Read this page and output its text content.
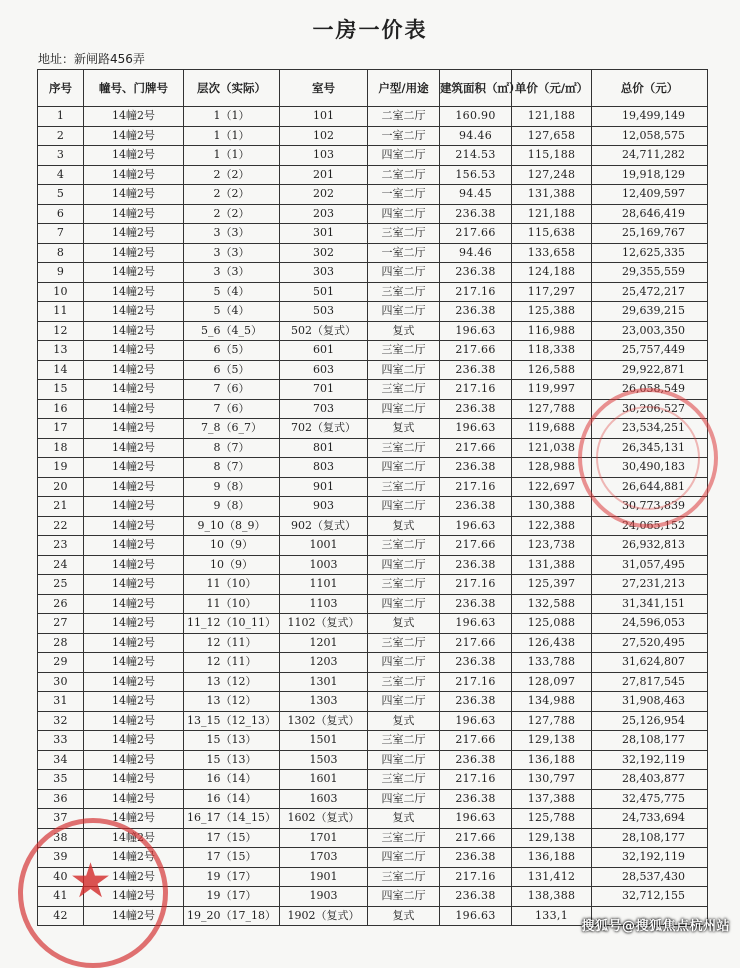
一房一价表
地址：新闸路456弄
序号	幢号、门牌号	层次（实际）	室号	户型/用途	建筑面积（㎡）	单价（元/㎡）	总价（元）
1	14幢2号	1（1）	101	二室二厅	160.90	121,188	19,499,149
2	14幢2号	1（1）	102	一室二厅	94.46	127,658	12,058,575
3	14幢2号	1（1）	103	四室二厅	214.53	115,188	24,711,282
4	14幢2号	2（2）	201	二室二厅	156.53	127,248	19,918,129
5	14幢2号	2（2）	202	一室二厅	94.45	131,388	12,409,597
6	14幢2号	2（2）	203	四室二厅	236.38	121,188	28,646,419
7	14幢2号	3（3）	301	三室二厅	217.66	115,638	25,169,767
8	14幢2号	3（3）	302	一室二厅	94.46	133,658	12,625,335
9	14幢2号	3（3）	303	四室二厅	236.38	124,188	29,355,559
10	14幢2号	5（4）	501	三室二厅	217.16	117,297	25,472,217
11	14幢2号	5（4）	503	四室二厅	236.38	125,388	29,639,215
12	14幢2号	5_6（4_5）	502（复式）	复式	196.63	116,988	23,003,350
13	14幢2号	6（5）	601	三室二厅	217.66	118,338	25,757,449
14	14幢2号	6（5）	603	四室二厅	236.38	126,588	29,922,871
15	14幢2号	7（6）	701	三室二厅	217.16	119,997	26,058,549
16	14幢2号	7（6）	703	四室二厅	236.38	127,788	30,206,527
17	14幢2号	7_8（6_7）	702（复式）	复式	196.63	119,688	23,534,251
18	14幢2号	8（7）	801	三室二厅	217.66	121,038	26,345,131
19	14幢2号	8（7）	803	四室二厅	236.38	128,988	30,490,183
20	14幢2号	9（8）	901	三室二厅	217.16	122,697	26,644,881
21	14幢2号	9（8）	903	四室二厅	236.38	130,388	30,773,839
22	14幢2号	9_10（8_9）	902（复式）	复式	196.63	122,388	24,065,152
23	14幢2号	10（9）	1001	三室二厅	217.66	123,738	26,932,813
24	14幢2号	10（9）	1003	四室二厅	236.38	131,388	31,057,495
25	14幢2号	11（10）	1101	三室二厅	217.16	125,397	27,231,213
26	14幢2号	11（10）	1103	四室二厅	236.38	132,588	31,341,151
27	14幢2号	11_12（10_11）	1102（复式）	复式	196.63	125,088	24,596,053
28	14幢2号	12（11）	1201	三室二厅	217.66	126,438	27,520,495
29	14幢2号	12（11）	1203	四室二厅	236.38	133,788	31,624,807
30	14幢2号	13（12）	1301	三室二厅	217.16	128,097	27,817,545
31	14幢2号	13（12）	1303	四室二厅	236.38	134,988	31,908,463
32	14幢2号	13_15（12_13）	1302（复式）	复式	196.63	127,788	25,126,954
33	14幢2号	15（13）	1501	三室二厅	217.66	129,138	28,108,177
34	14幢2号	15（13）	1503	四室二厅	236.38	136,188	32,192,119
35	14幢2号	16（14）	1601	三室二厅	217.16	130,797	28,403,877
36	14幢2号	16（14）	1603	四室二厅	236.38	137,388	32,475,775
37	14幢2号	16_17（14_15）	1602（复式）	复式	196.63	125,788	24,733,694
38	14幢2号	17（15）	1701	三室二厅	217.66	129,138	28,108,177
39	14幢2号	17（15）	1703	四室二厅	236.38	136,188	32,192,119
40	14幢2号	19（17）	1901	三室二厅	217.16	131,412	28,537,430
41	14幢2号	19（17）	1903	四室二厅	236.38	138,388	32,712,155
42	14幢2号	19_20（17_18）	1902（复式）	复式	196.63	133,1	
★
搜狐号@搜狐焦点杭州站
